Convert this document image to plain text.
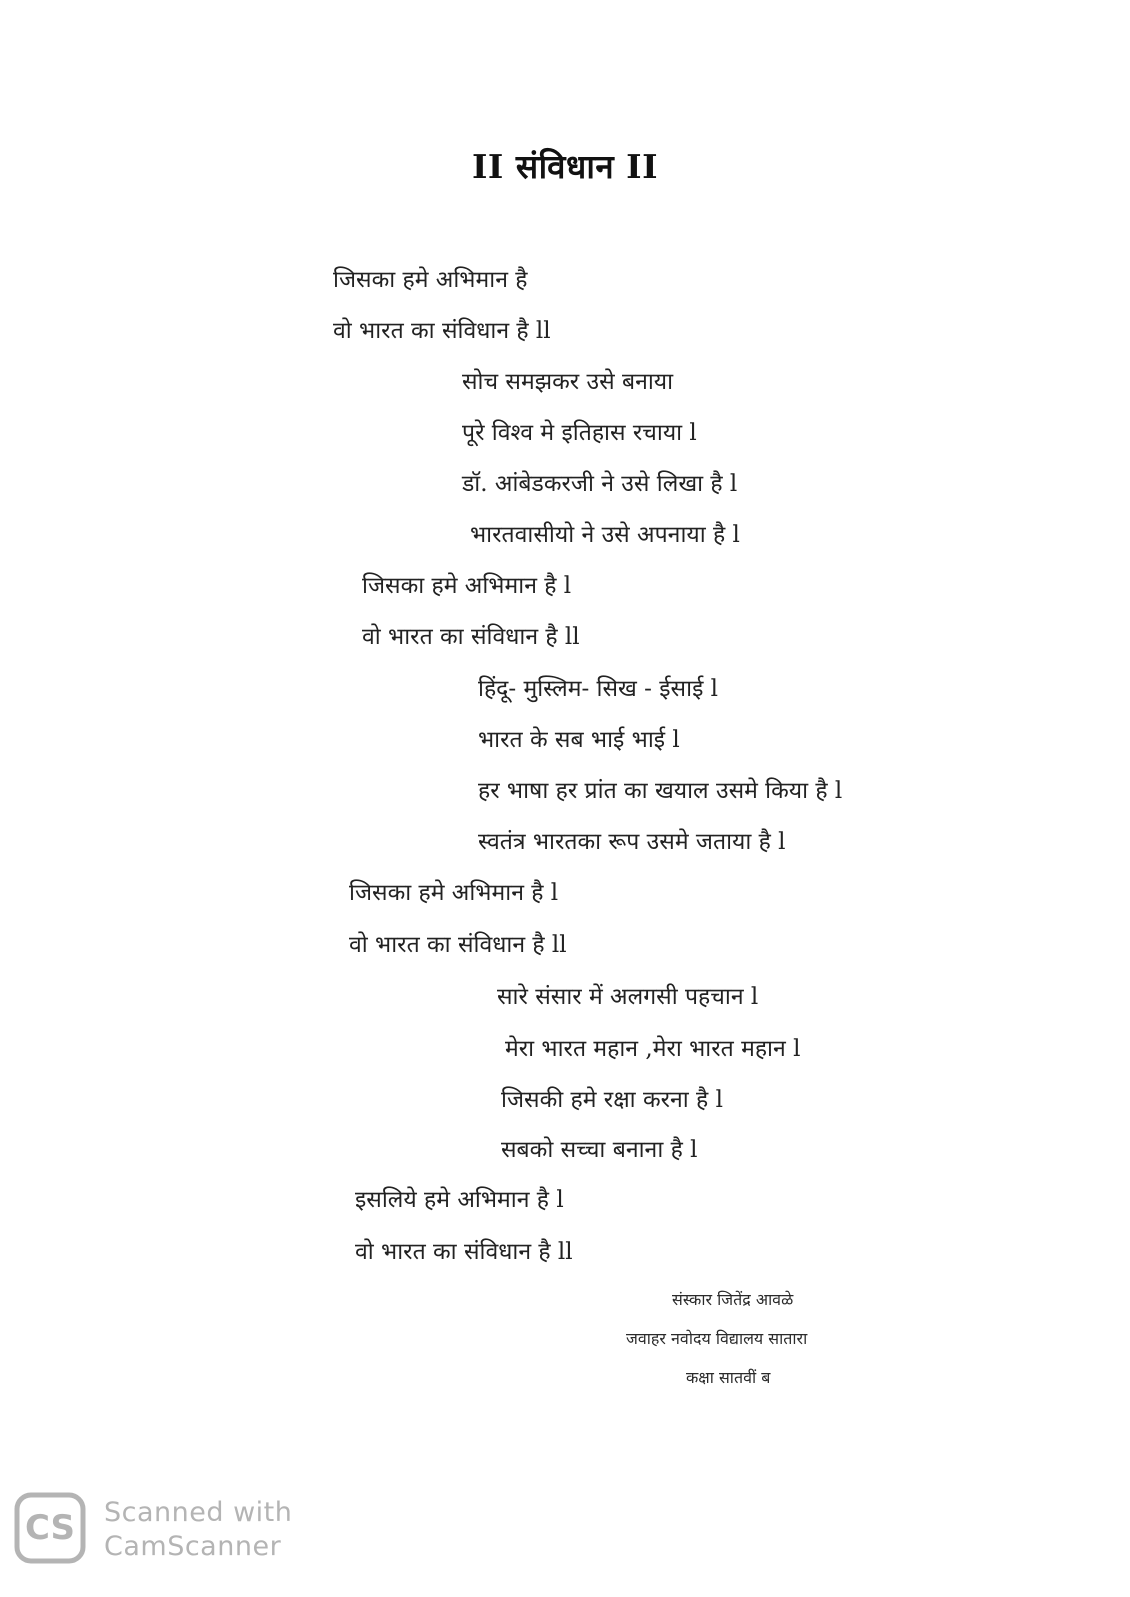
II संविधान II
जिसका हमे अभिमान है
वो भारत का संविधान है ll
सोच समझकर उसे बनाया
पूरे विश्व मे इतिहास रचाया l
डॉ. आंबेडकरजी ने उसे लिखा है l
भारतवासीयो ने उसे अपनाया है l
जिसका हमे अभिमान है l
वो भारत का संविधान है ll
हिंदू- मुस्लिम- सिख - ईसाई l
भारत के सब भाई भाई l
हर भाषा हर प्रांत का खयाल उसमे किया है l
स्वतंत्र भारतका रूप उसमे जताया है l
जिसका हमे अभिमान है l
वो भारत का संविधान है ll
सारे संसार में अलगसी पहचान l
मेरा भारत महान ,मेरा भारत महान l
जिसकी हमे रक्षा करना है l
सबको सच्चा बनाना है l
इसलिये हमे अभिमान है l
वो भारत का संविधान है ll
संस्कार जितेंद्र आवळे
जवाहर नवोदय विद्यालय सातारा
कक्षा सातवीं ब
CS Scanned with
CamScanner
